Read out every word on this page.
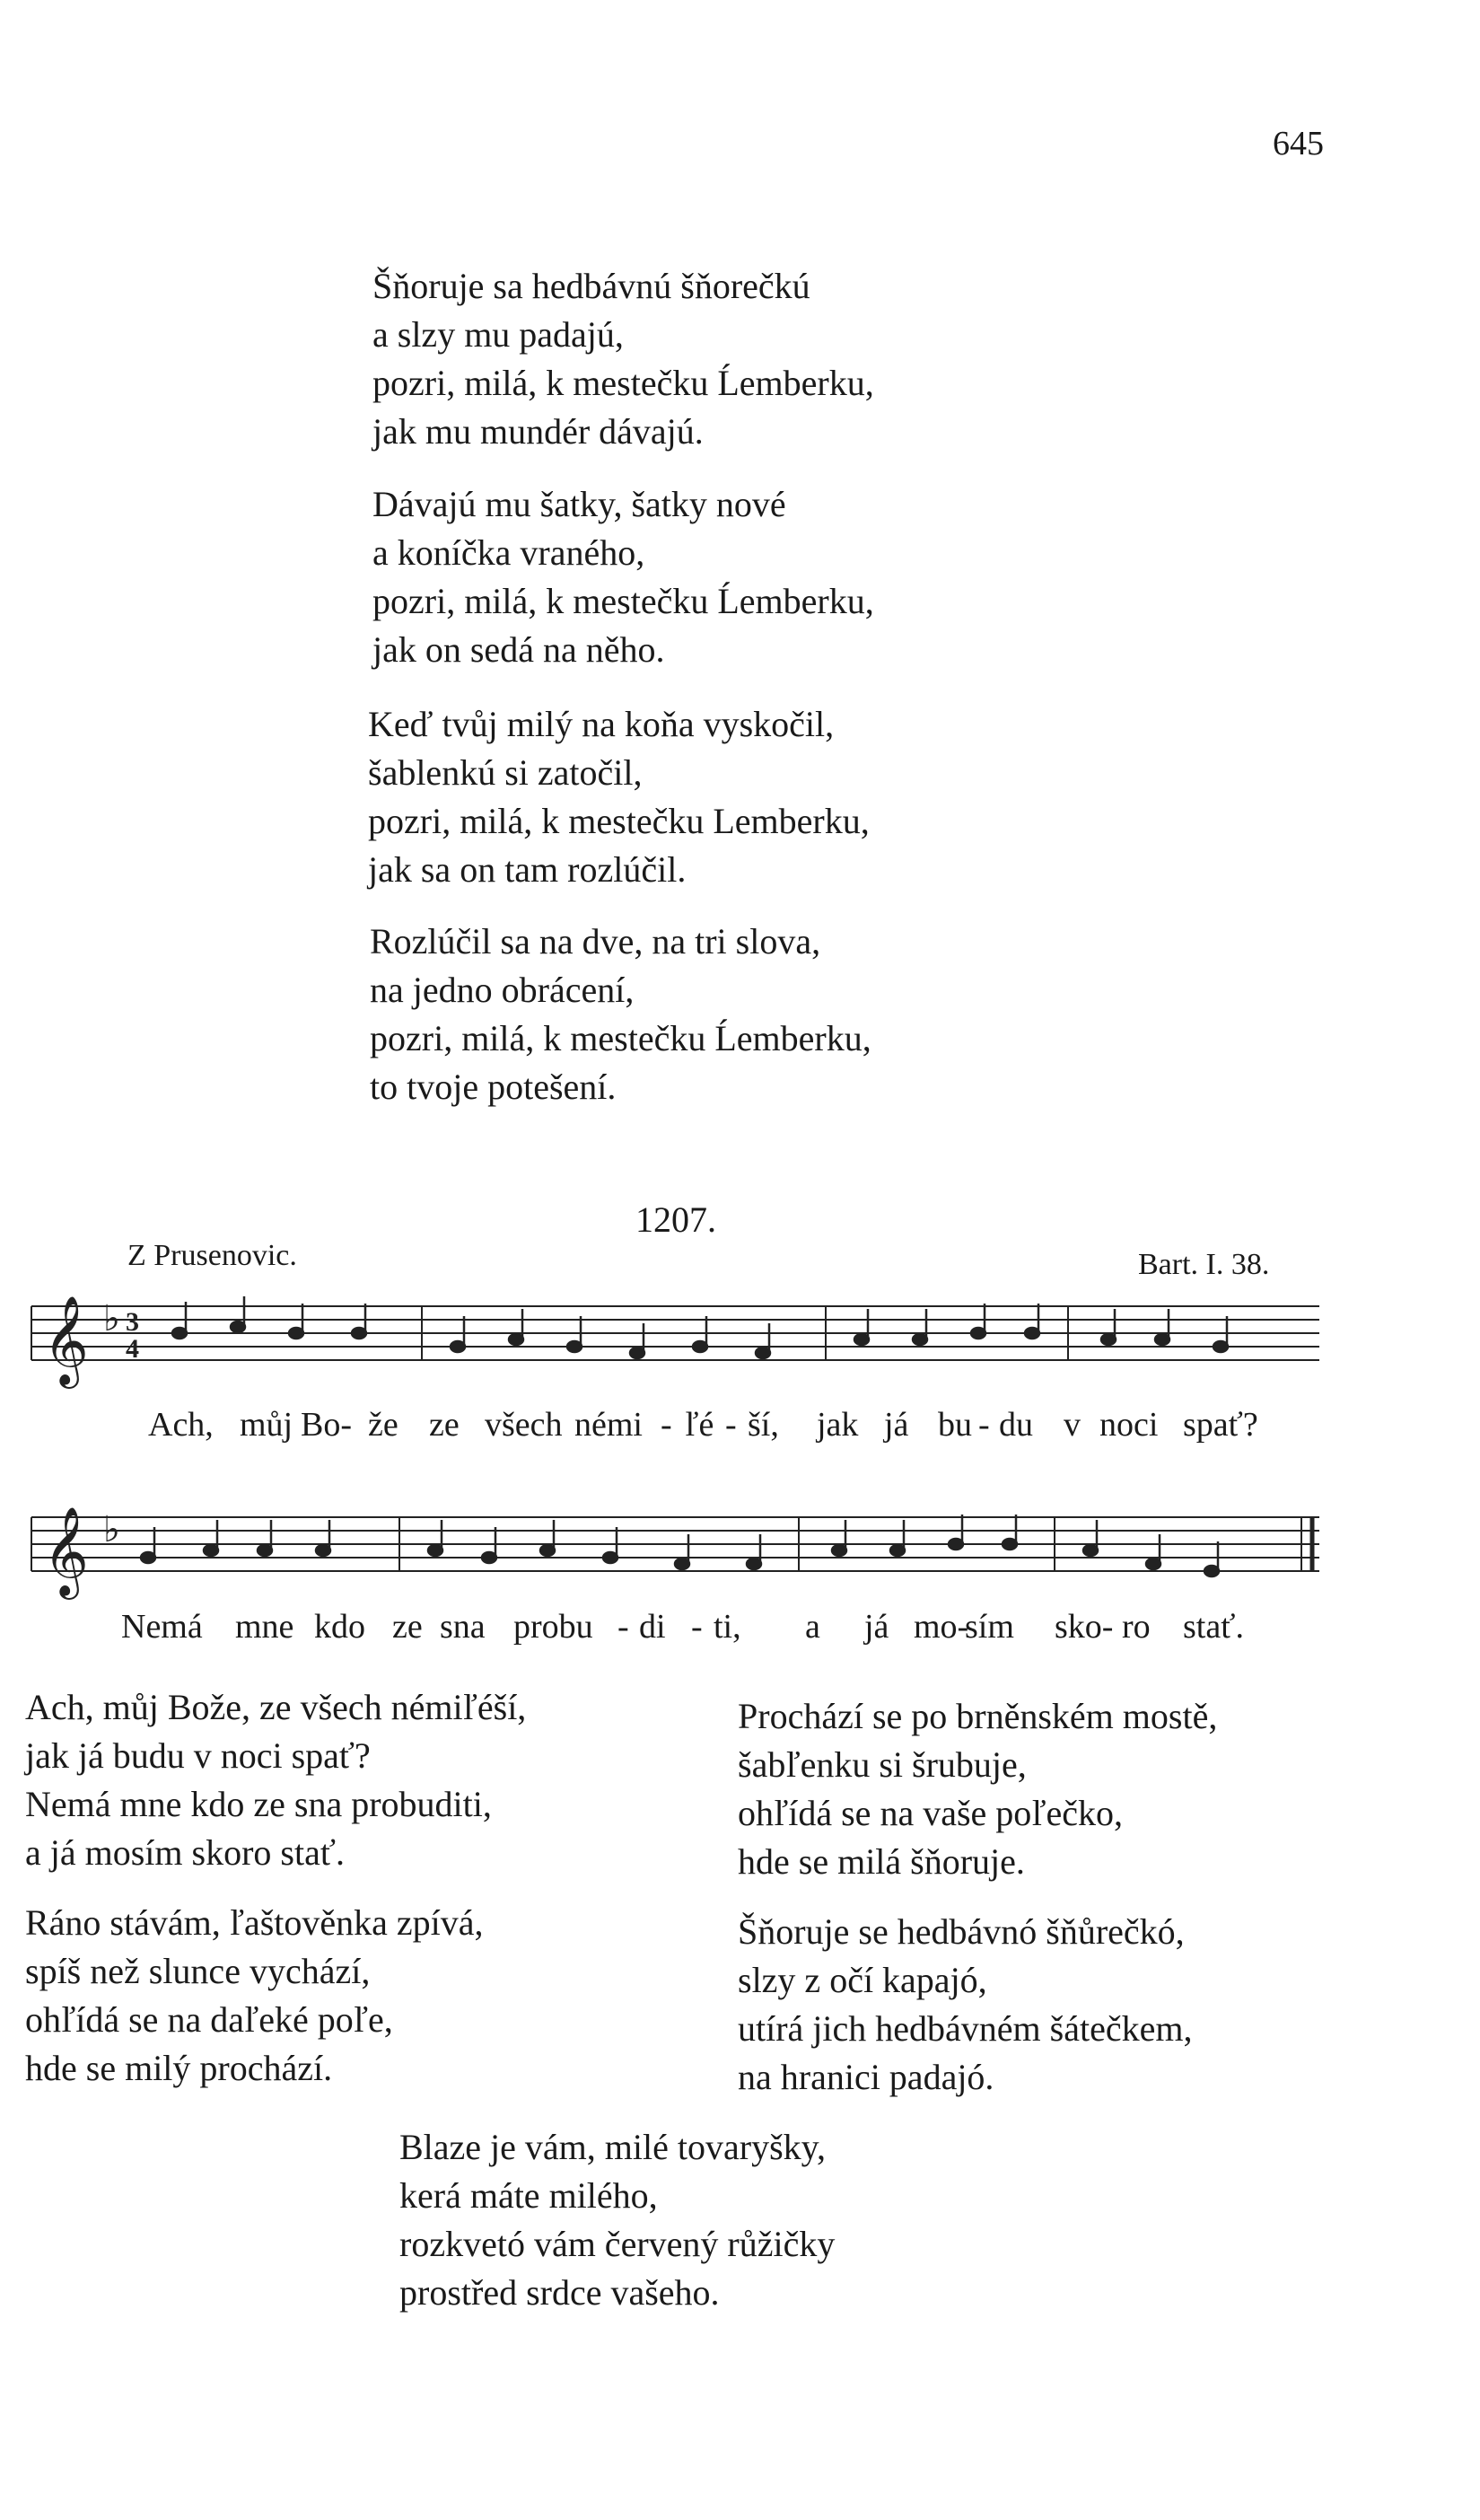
645
Šňoruje sa hedbávnú šňorečkú
a slzy mu padajú,
pozri, milá, k mestečku Ĺemberku,
jak mu mundér dávajú.
Dávajú mu šatky, šatky nové
a koníčka vraného,
pozri, milá, k mestečku Ĺemberku,
jak on sedá na něho.
Keď tvůj milý na koňa vyskočil,
šablenkú si zatočil,
pozri, milá, k mestečku Lemberku,
jak sa on tam rozlúčil.
Rozlúčil sa na dve, na tri slova,
na jedno obrácení,
pozri, milá, k mestečku Ĺemberku,
to tvoje potešení.
1207.
Z Prusenovic.	Bart. I. 38.
𝄞 ♭ 3
4
Ach, můj Bo- že ze všech némi - ľé - ší, jak já bu - du v noci spať?
𝄞 ♭
Nemá mne kdo ze sna probu - di - ti, a já mo-
sím sko- ro stať.
Ach, můj Bože, ze všech némiľéší,
jak já budu v noci spať?
Nemá mne kdo ze sna probuditi,
a já mosím skoro stať.
Ráno stávám, ľaštověnka zpívá,
spíš než slunce vychází,
ohľídá se na daľeké poľe,
hde se milý prochází.
Prochází se po brněnském mostě,
šabľenku si šrubuje,
ohľídá se na vaše poľečko,
hde se milá šňoruje.
Šňoruje se hedbávnó šňůrečkó,
slzy z očí kapajó,
utírá jich hedbávném šátečkem,
na hranici padajó.
Blaze je vám, milé tovaryšky,
kerá máte milého,
rozkvetó vám červený růžičky
prostřed srdce vašeho.
